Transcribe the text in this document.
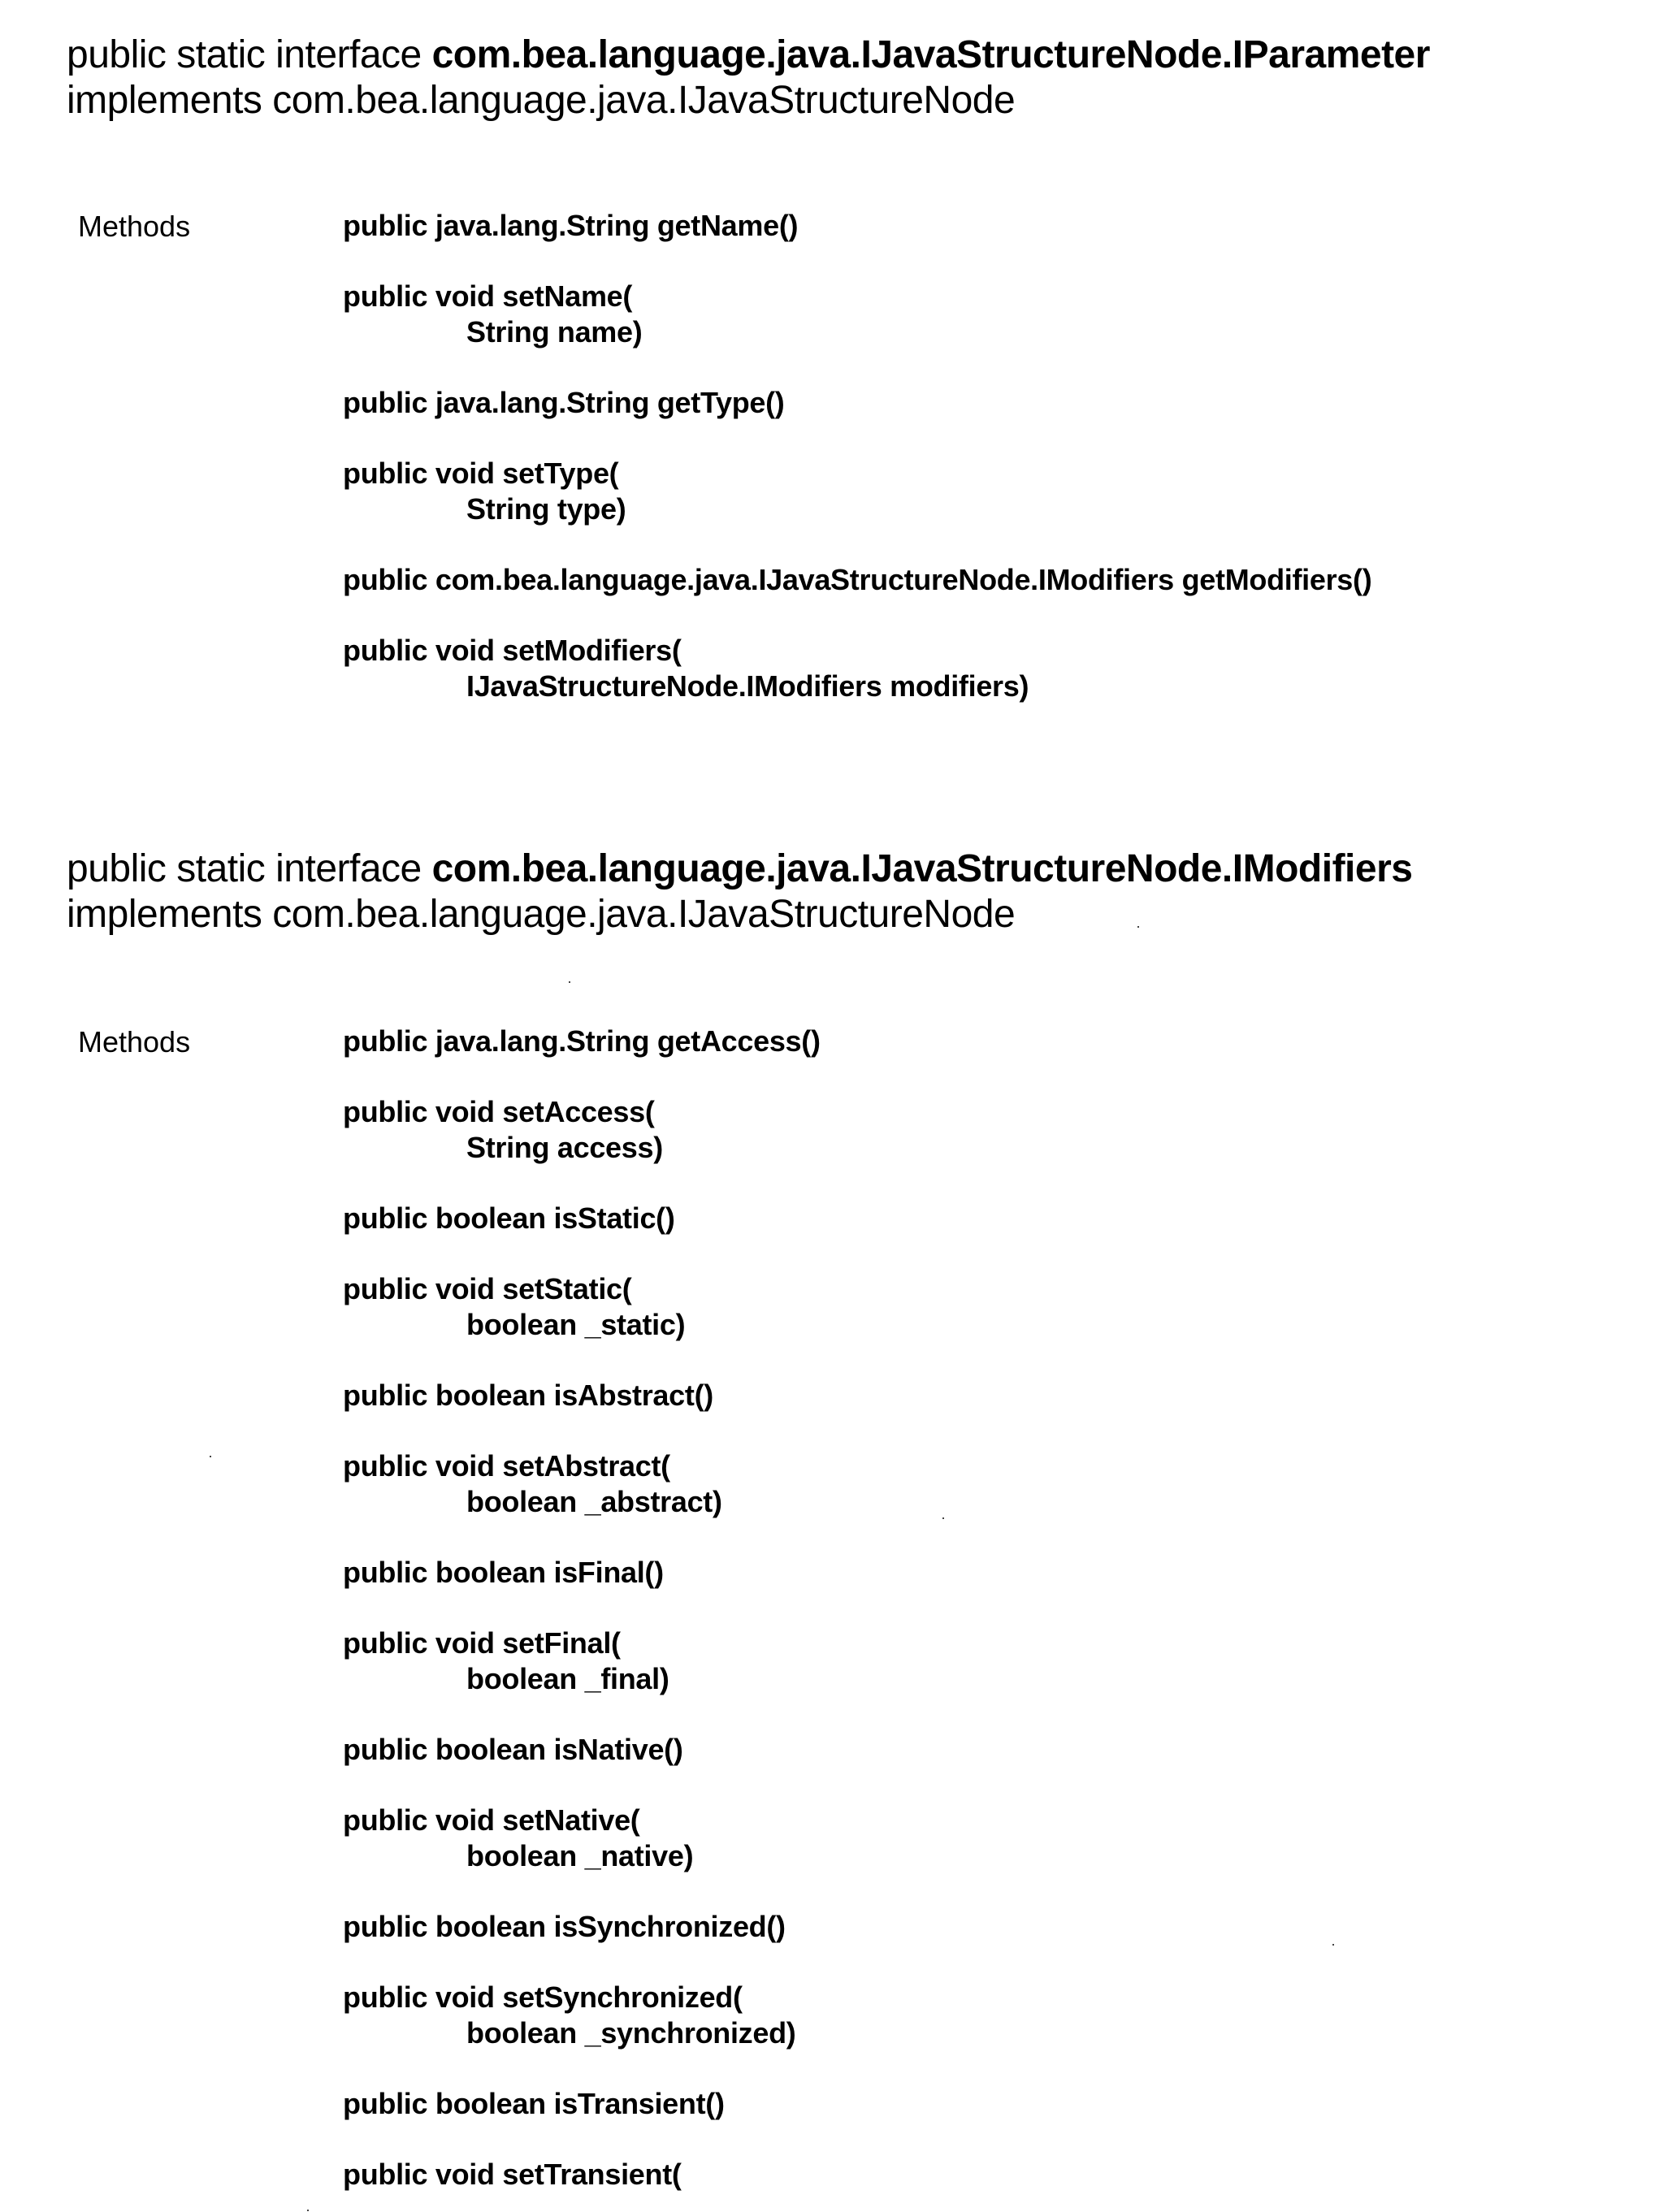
public static interface com.bea.language.java.IJavaStructureNode.IParameter
implements com.bea.language.java.IJavaStructureNode
Methods	public java.lang.String getName()
public void setName(
String name)
public java.lang.String getType()
public void setType(
String type)
public com.bea.language.java.IJavaStructureNode.IModifiers getModifiers()
public void setModifiers(
IJavaStructureNode.IModifiers modifiers)
public static interface com.bea.language.java.IJavaStructureNode.IModifiers
implements com.bea.language.java.IJavaStructureNode
Methods	public java.lang.String getAccess()
public void setAccess(
String access)
public boolean isStatic()
public void setStatic(
boolean _static)
public boolean isAbstract()
public void setAbstract(
boolean _abstract)
public boolean isFinal()
public void setFinal(
boolean _final)
public boolean isNative()
public void setNative(
boolean _native)
public boolean isSynchronized()
public void setSynchronized(
boolean _synchronized)
public boolean isTransient()
public void setTransient(
